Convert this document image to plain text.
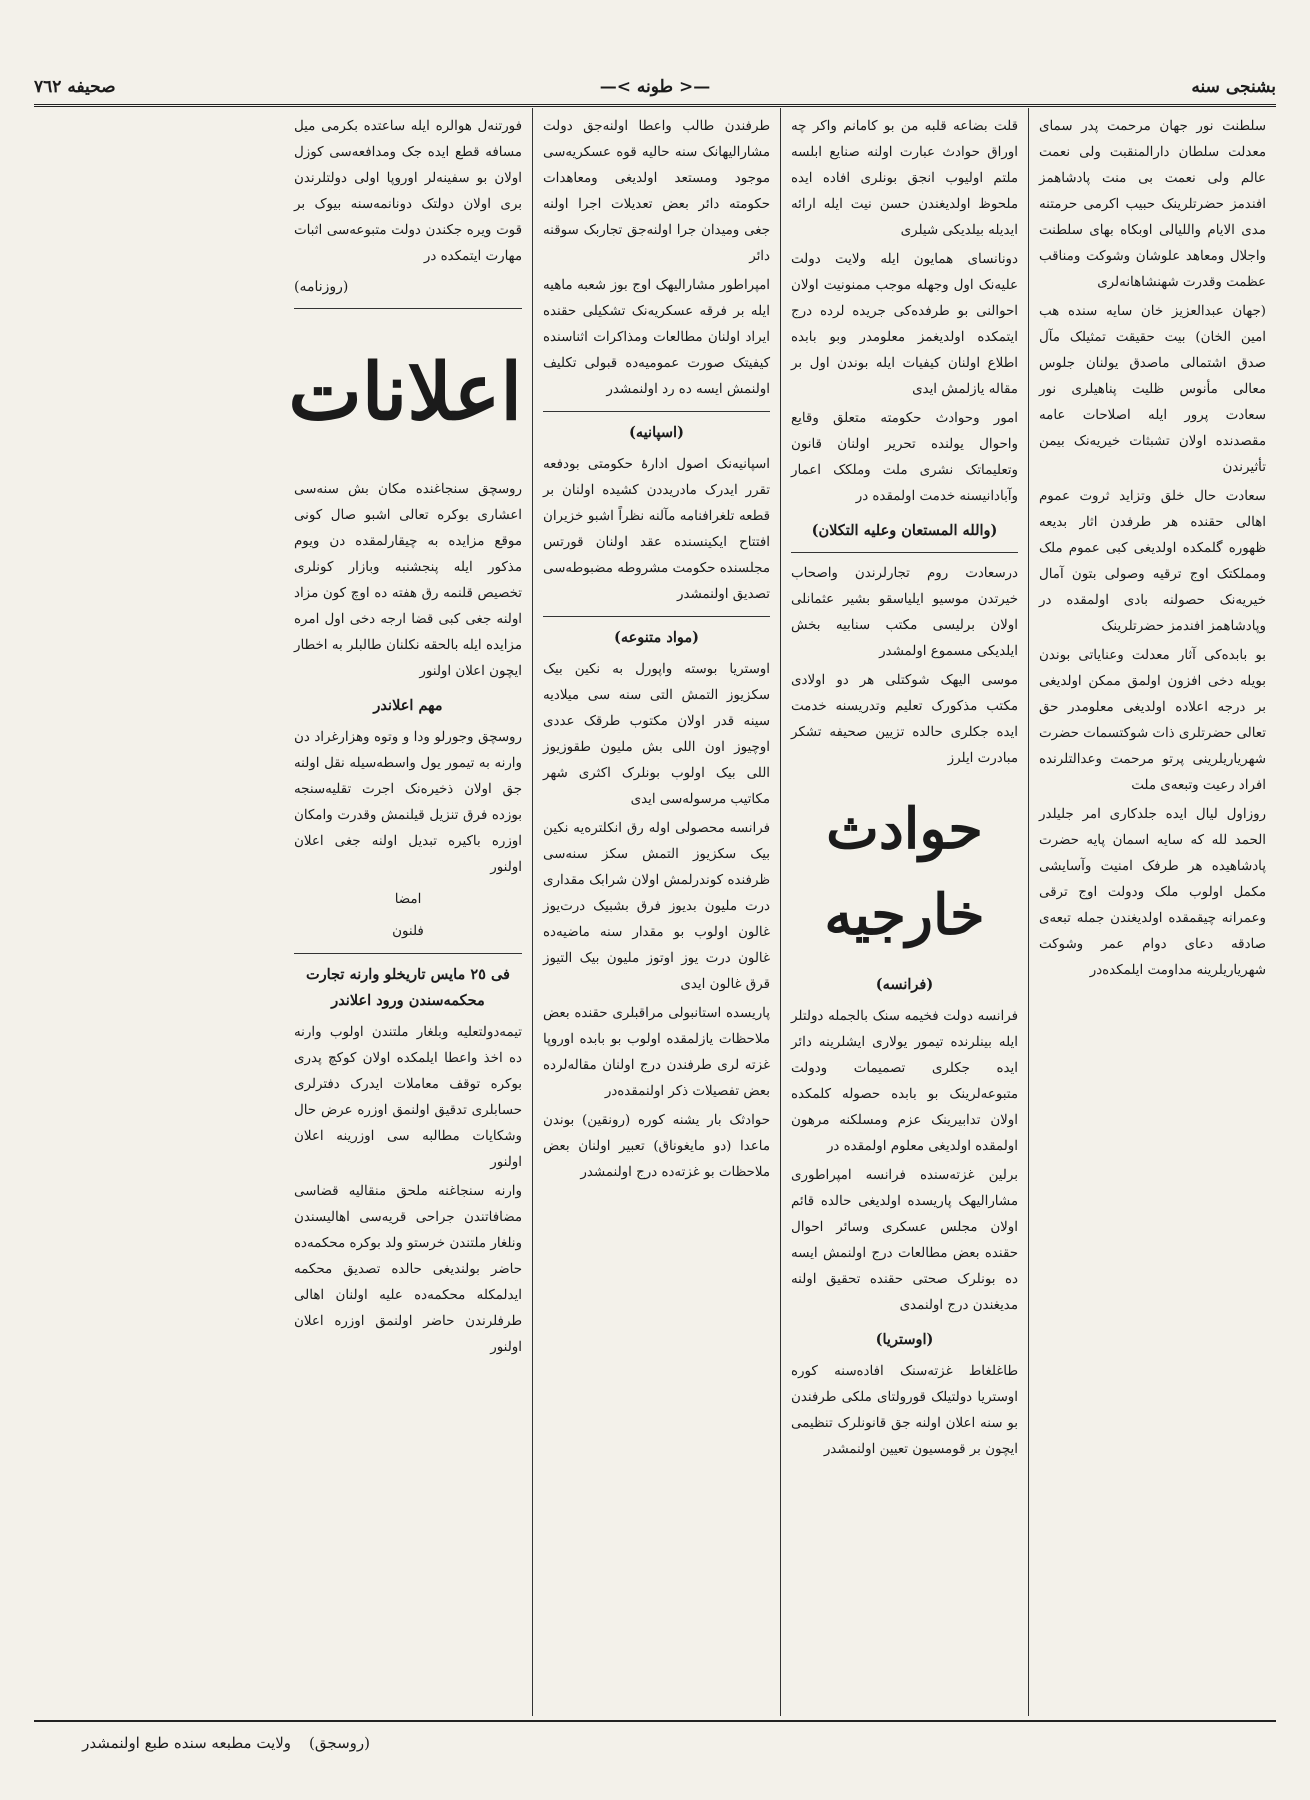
بشنجی سنه
—< طونه >—
صحيفه ٧٦٢

سلطنت نور جهان مرحمت پدر سمای معدلت سلطان دارالمنقبت ولی نعمت عالم ولی نعمت بی منت پادشاهمز افندمز حضرتلرینک حبیب اکرمی حرمتنه مدی الایام واللیالی اوبکاه بهای سلطنت واجلال ومعاهد علوشان وشوکت ومناقب عظمت وقدرت شهنشاهانه‌لری

(جهان عبدالعزیز خان سایه سنده هب امین الخان) بیت حقیقت تمثیلک مآل صدق اشتمالی ماصدق یولنان جلوس معالی مأنوس ظلیت پناهیلری نور سعادت پرور ایله اصلاحات عامه مقصدنده اولان تشبثات خیریه‌نک بیمن تأثیرندن

سعادت حال خلق وتزاید ثروت عموم اهالی حقنده هر طرفدن اثار بدیعه ظهوره گلمکده اولدیغی کبی عموم ملک ومملکتک اوج ترقیه وصولی بتون آمال خیریه‌نک حصولنه بادی اولمقده در وپادشاهمز افندمز حضرتلرینک

بو بابده‌کی آثار معدلت وعنایاتی بوندن بویله دخی افزون اولمق ممکن اولدیغی بر درجه اعلاده اولدیغی معلومدر حق تعالی حضرتلری ذات شوکتسمات حضرت شهریاریلرینی پرتو مرحمت وعدالتلرنده افراد رعیت وتبعه‌ی ملت

روزاول لیال ایده جلدکاری امر جلیلدر الحمد لله که سایه اسمان پایه حضرت پادشاهیده هر طرفک امنیت وآسایشی مکمل اولوب ملک ودولت اوج ترقی وعمرانه چیقمقده اولدیغندن جمله تبعه‌ی صادقه دعای دوام عمر وشوکت شهریاریلرینه مداومت ایلمکده‌در

قلت بضاعه قلبه من بو کامانم واکر چه اوراق حوادث عبارت اولنه صنایع ابلسه ملتم اولیوب انجق بونلری افاده ایده ملحوظ اولدیغندن حسن نیت ایله ارائه ایدیله بیلدیکی شیلری

دونانسای همایون ایله ولایت دولت علیه‌نک اول وجهله موجب ممنونیت اولان احوالنی بو طرفده‌کی جریده لرده درج ایتمکده اولدیغمز معلومدر وبو بابده اطلاع اولنان کیفیات ایله بوندن اول بر مقاله یازلمش ایدی

امور وحوادث حکومته متعلق وقایع واحوال یولنده تحریر اولنان قانون وتعلیماتک نشری ملت وملکک اعمار وآبادانیسنه خدمت اولمقده در

(والله المستعان وعلیه التکلان)

درسعادت روم تجارلرندن واصحاب خیرتدن موسیو ایلیاسقو بشیر عثمانلی اولان برلیسی مکتب سنابیه بخش ایلدیکی مسموع اولمشدر

موسی الیهک شوکتلی هر دو اولادی مکتب مذکورک تعلیم وتدریسنه خدمت ایده جکلری حالده تزیین صحیفه تشکر مبادرت ایلرز

حوادث خارجیه
(فرانسه)

فرانسه دولت فخیمه سنک بالجمله دولتلر ایله بینلرنده تیمور یولاری ایشلرینه دائر ایده جکلری تصمیمات ودولت متبوعه‌لرینک بو بابده حصوله کلمکده اولان تدابیرینک عزم ومسلکنه مرهون اولمقده اولدیغی معلوم اولمقده در

برلین غزته‌سنده فرانسه امپراطوری مشارالیهک پاریسده اولدیغی حالده قائم اولان مجلس عسکری وسائر احوال حقنده بعض مطالعات درج اولنمش ایسه ده بونلرک صحتی حقنده تحقیق اولنه مدیغندن درج اولنمدی

(اوستریا)

طاغلغاط غزته‌سنک افاده‌سنه کوره اوستریا دولتیلک قورولتای ملکی طرفندن بو سنه اعلان اولنه جق قانونلرک تنظیمی ایچون بر قومسیون تعیین اولنمشدر

طرفندن طالب واعطا اولنه‌جق دولت مشارالیهانک سنه حالیه قوه عسکریه‌سی موجود ومستعد اولدیغی ومعاهدات حکومته دائر بعض تعدیلات اجرا اولنه جغی ومیدان جرا اولنه‌جق تجاربک سوقنه دائر

امپراطور مشارالیهک اوج بوز شعبه ماهیه ایله بر فرقه عسکریه‌نک تشکیلی حقنده ایراد اولنان مطالعات ومذاکرات اثناسنده کیفیتک صورت عمومیه‌ده قبولی تکلیف اولنمش ایسه ده رد اولنمشدر

(اسپانیه)

اسپانیه‌نک اصول ادارهٔ حکومتی بودفعه تقرر ایدرک مادریددن کشیده اولنان بر قطعه تلغرافنامه مآلنه نظراً اشبو خزیران افتتاح ایکینسنده عقد اولنان قورتس مجلسنده حکومت مشروطه مضبوطه‌سی تصدیق اولنمشدر

(مواد متنوعه)

اوستریا بوسته واپورل به نکین بیک سکزیوز التمش التی سنه سی میلادیه سینه قدر اولان مکتوب طرقک عددی اوچیوز اون اللی بش ملیون طقوزیوز اللی بیک اولوب بونلرک اکثری شهر مکاتیب مرسوله‌سی ایدی

فرانسه محصولی اوله رق انکلتره‌یه نکین بیک سکزیوز التمش سکز سنه‌سی ظرفنده کوندرلمش اولان شرابک مقداری درت ملیون بدیوز فرق بشبیک درت‌یوز غالون اولوب بو مقدار سنه ماضیه‌ده غالون درت یوز اوتوز ملیون بیک التیوز قرق غالون ایدی

پاریسده استانبولی مراقبلری حقنده بعض ملاحظات یازلمقده اولوب بو بابده اوروپا غزته لری طرفندن درج اولنان مقاله‌لرده بعض تفصیلات ذکر اولنمقده‌در

حوادثک بار یشنه کوره (رونقین) بوندن ماعدا (دو مایغوناق) تعبیر اولنان بعض ملاحظات بو غزته‌ده درج اولنمشدر

فورتنه‌ل هوالره ایله ساعتده بکرمی میل مسافه قطع ایده جک ومدافعه‌سی کوزل اولان بو سفینه‌لر اوروپا اولی دولتلرندن بری اولان دولتک دونانمه‌سنه بیوک بر قوت ویره جکندن دولت متبوعه‌سی اثبات مهارت ایتمکده در

(روزنامه)
اعلانات

روسچق سنجاغنده مکان بش سنه‌سی اعشاری بوکره تعالی اشبو صال کونی موقع مزایده به چیقارلمقده دن ویوم مذکور ایله پنجشنبه وبازار کونلری تخصیص قلنمه رق هفته ده اوچ کون مزاد اولنه جغی کبی قضا ارجه دخی اول امره مزایده ایله بالحقه نکلنان طالبلر به اخطار ایچون اعلان اولنور

مهم اعلاندر

روسچق وجورلو ودا و وتوه وهزارغراد دن وارنه به تیمور یول واسطه‌سیله نقل اولنه جق اولان ذخیره‌نک اجرت تقلیه‌سنجه بوزده فرق تنزیل قیلنمش وقدرت وامکان اوزره باکیره تبدیل اولنه جغی اعلان اولنور

امضا
فلنون
فی ٢٥ مایس تاریخلو وارنه تجارت محکمه‌سندن ورود اعلاندر

تیمه‌دولتعلیه وبلغار ملتندن اولوب وارنه ده اخذ واعطا ایلمکده اولان کوکچ پدری بوکره توقف معاملات ایدرک دفترلری حسابلری تدقیق اولنمق اوزره عرض حال وشکایات مطالبه سی اوزرینه اعلان اولنور

وارنه سنجاغنه ملحق منقالیه قضاسی مضافاتندن جراحی قریه‌سی اهالیسندن ونلغار ملتندن خرستو ولد بوکره محکمه‌ده حاضر بولندیغی حالده تصدیق محکمه ایدلمکله محکمه‌ده علیه اولنان اهالی طرفلرندن حاضر اولنمق اوزره اعلان اولنور

(روسجق)
ولايت مطبعه سنده طبع اولنمشدر
